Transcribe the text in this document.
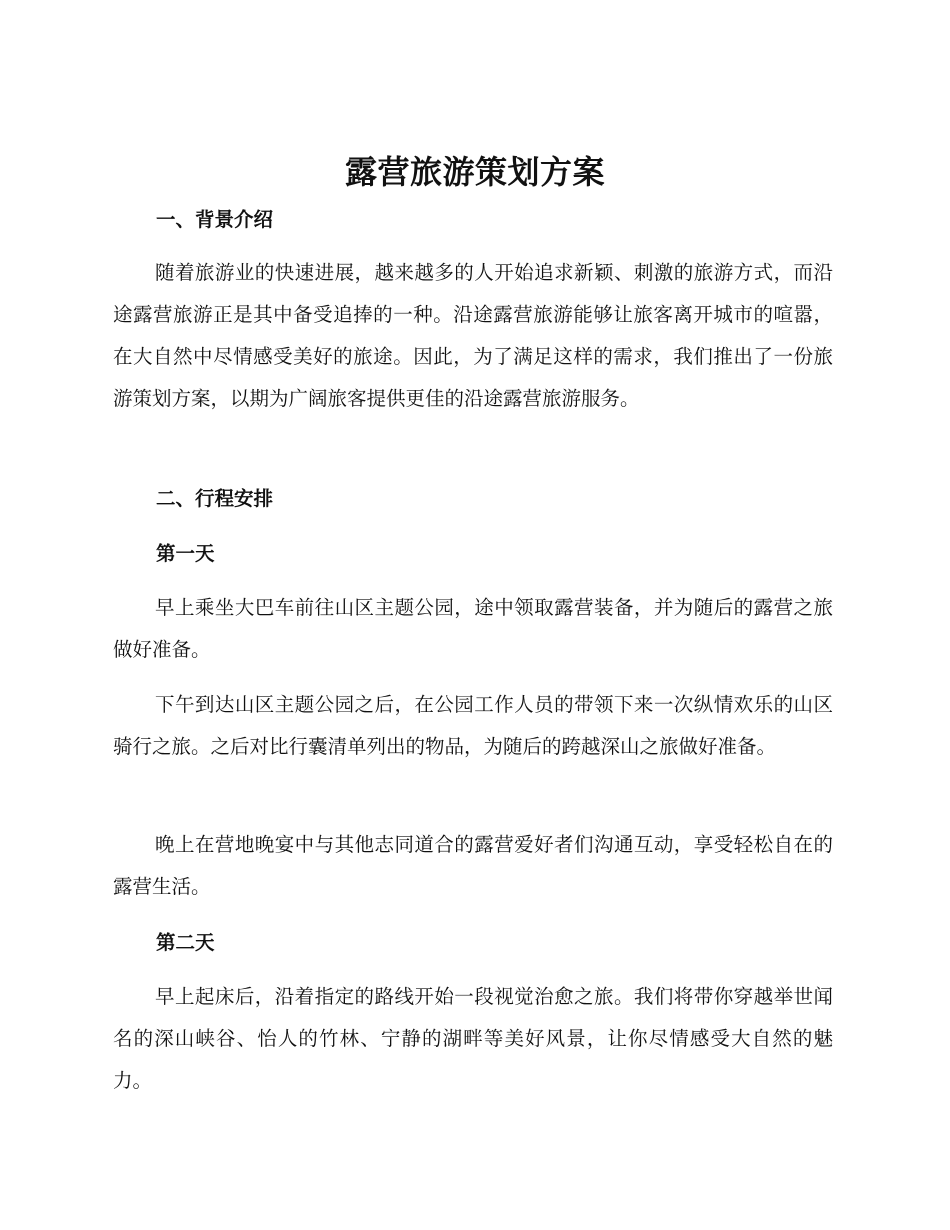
露营旅游策划方案
一、背景介绍

随着旅游业的快速进展，越来越多的人开始追求新颖、刺激的旅游方式，而沿途露营旅游正是其中备受追捧的一种。沿途露营旅游能够让旅客离开城市的喧嚣，在大自然中尽情感受美好的旅途。因此，为了满足这样的需求，我们推出了一份旅游策划方案，以期为广阔旅客提供更佳的沿途露营旅游服务。

二、行程安排
第一天

早上乘坐大巴车前往山区主题公园，途中领取露营装备，并为随后的露营之旅做好准备。

下午到达山区主题公园之后，在公园工作人员的带领下来一次纵情欢乐的山区骑行之旅。之后对比行囊清单列出的物品，为随后的跨越深山之旅做好准备。

晚上在营地晚宴中与其他志同道合的露营爱好者们沟通互动，享受轻松自在的露营生活。

第二天

早上起床后，沿着指定的路线开始一段视觉治愈之旅。我们将带你穿越举世闻名的深山峡谷、怡人的竹林、宁静的湖畔等美好风景，让你尽情感受大自然的魅力。
